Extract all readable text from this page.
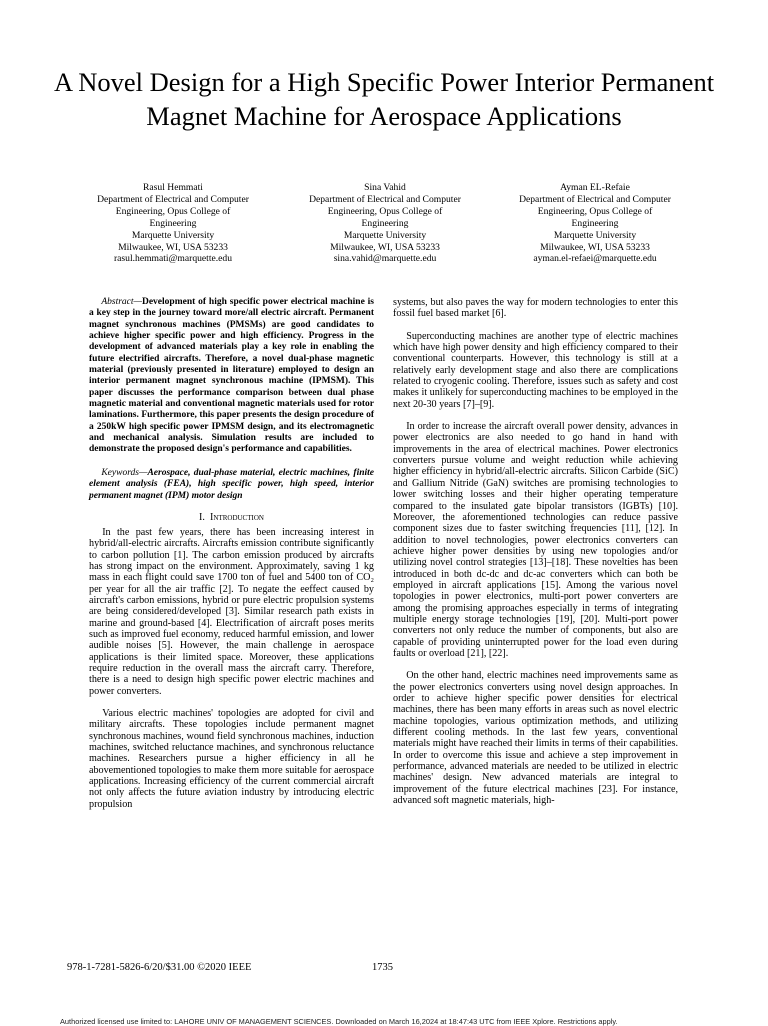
A Novel Design for a High Specific Power Interior Permanent Magnet Machine for Aerospace Applications
Rasul Hemmati
Department of Electrical and Computer
Engineering, Opus College of
Engineering
Marquette University
Milwaukee, WI, USA 53233
rasul.hemmati@marquette.edu
Sina Vahid
Department of Electrical and Computer
Engineering, Opus College of
Engineering
Marquette University
Milwaukee, WI, USA 53233
sina.vahid@marquette.edu
Ayman EL-Refaie
Department of Electrical and Computer
Engineering, Opus College of
Engineering
Marquette University
Milwaukee, WI, USA 53233
ayman.el-refaei@marquette.edu

Abstract—Development of high specific power electrical machine is a key step in the journey toward more/all electric aircraft. Permanent magnet synchronous machines (PMSMs) are good candidates to achieve higher specific power and high efficiency. Progress in the development of advanced materials play a key role in enabling the future electrified aircrafts. Therefore, a novel dual-phase magnetic material (previously presented in literature) employed to design an interior permanent magnet synchronous machine (IPMSM). This paper discusses the performance comparison between dual phase magnetic material and conventional magnetic materials used for rotor laminations. Furthermore, this paper presents the design procedure of a 250kW high specific power IPMSM design, and its electromagnetic and mechanical analysis. Simulation results are included to demonstrate the proposed design's performance and capabilities.

Keywords—Aerospace, dual-phase material, electric machines, finite element analysis (FEA), high specific power, high speed, interior permanent magnet (IPM) motor design

I. Introduction

In the past few years, there has been increasing interest in hybrid/all-electric aircrafts. Aircrafts emission contribute significantly to carbon pollution [1]. The carbon emission produced by aircrafts has strong impact on the environment. Approximately, saving 1 kg mass in each flight could save 1700 ton of fuel and 5400 ton of CO₂ per year for all the air traffic [2]. To negate the eeffect caused by aircraft's carbon emissions, hybrid or pure electric propulsion systems are being considered/developed [3]. Similar research path exists in marine and ground-based [4]. Electrification of aircraft poses merits such as improved fuel economy, reduced harmful emission, and lower audible noises [5]. However, the main challenge in aerospace applications is their limited space. Moreover, these applications require reduction in the overall mass the aircraft carry. Therefore, there is a need to design high specific power electric machines and power converters.

Various electric machines' topologies are adopted for civil and military aircrafts. These topologies include permanent magnet synchronous machines, wound field synchronous machines, induction machines, switched reluctance machines, and synchronous reluctance machines. Researchers pursue a higher efficiency in all he abovementioned topologies to make them more suitable for aerospace applications. Increasing efficiency of the current commercial aircraft not only affects the future aviation industry by introducing electric propulsion

systems, but also paves the way for modern technologies to enter this fossil fuel based market [6].

Superconducting machines are another type of electric machines which have high power density and high efficiency compared to their conventional counterparts. However, this technology is still at a relatively early development stage and also there are complications related to cryogenic cooling. Therefore, issues such as safety and cost makes it unlikely for superconducting machines to be employed in the next 20-30 years [7]–[9].

In order to increase the aircraft overall power density, advances in power electronics are also needed to go hand in hand with improvements in the area of electrical machines. Power electronics converters pursue volume and weight reduction while achieving higher efficiency in hybrid/all-electric aircrafts. Silicon Carbide (SiC) and Gallium Nitride (GaN) switches are promising technologies to lower switching losses and their higher operating temperature compared to the insulated gate bipolar transistors (IGBTs) [10]. Moreover, the aforementioned technologies can reduce passive component sizes due to faster switching frequencies [11], [12]. In addition to novel technologies, power electronics converters can achieve higher power densities by using new topologies and/or utilizing novel control strategies [13]–[18]. These novelties has been introduced in both dc-dc and dc-ac converters which can both be employed in aircraft applications [15]. Among the various novel topologies in power electronics, multi-port power converters are among the promising approaches especially in terms of integrating multiple energy storage technologies [19], [20]. Multi-port power converters not only reduce the number of components, but also are capable of providing uninterrupted power for the load even during faults or overload [21], [22].

On the other hand, electric machines need improvements same as the power electronics converters using novel design approaches. In order to achieve higher specific power densities for electrical machines, there has been many efforts in areas such as novel electric machine topologies, various optimization methods, and utilizing different cooling methods. In the last few years, conventional materials might have reached their limits in terms of their capabilities. In order to overcome this issue and achieve a step improvement in performance, advanced materials are needed to be utilized in electric machines' design. New advanced materials are integral to improvement of the future electrical machines [23]. For instance, advanced soft magnetic materials, high-

978-1-7281-5826-6/20/$31.00 ©2020 IEEE	1735
Authorized licensed use limited to: LAHORE UNIV OF MANAGEMENT SCIENCES. Downloaded on March 16,2024 at 18:47:43 UTC from IEEE Xplore. Restrictions apply.
